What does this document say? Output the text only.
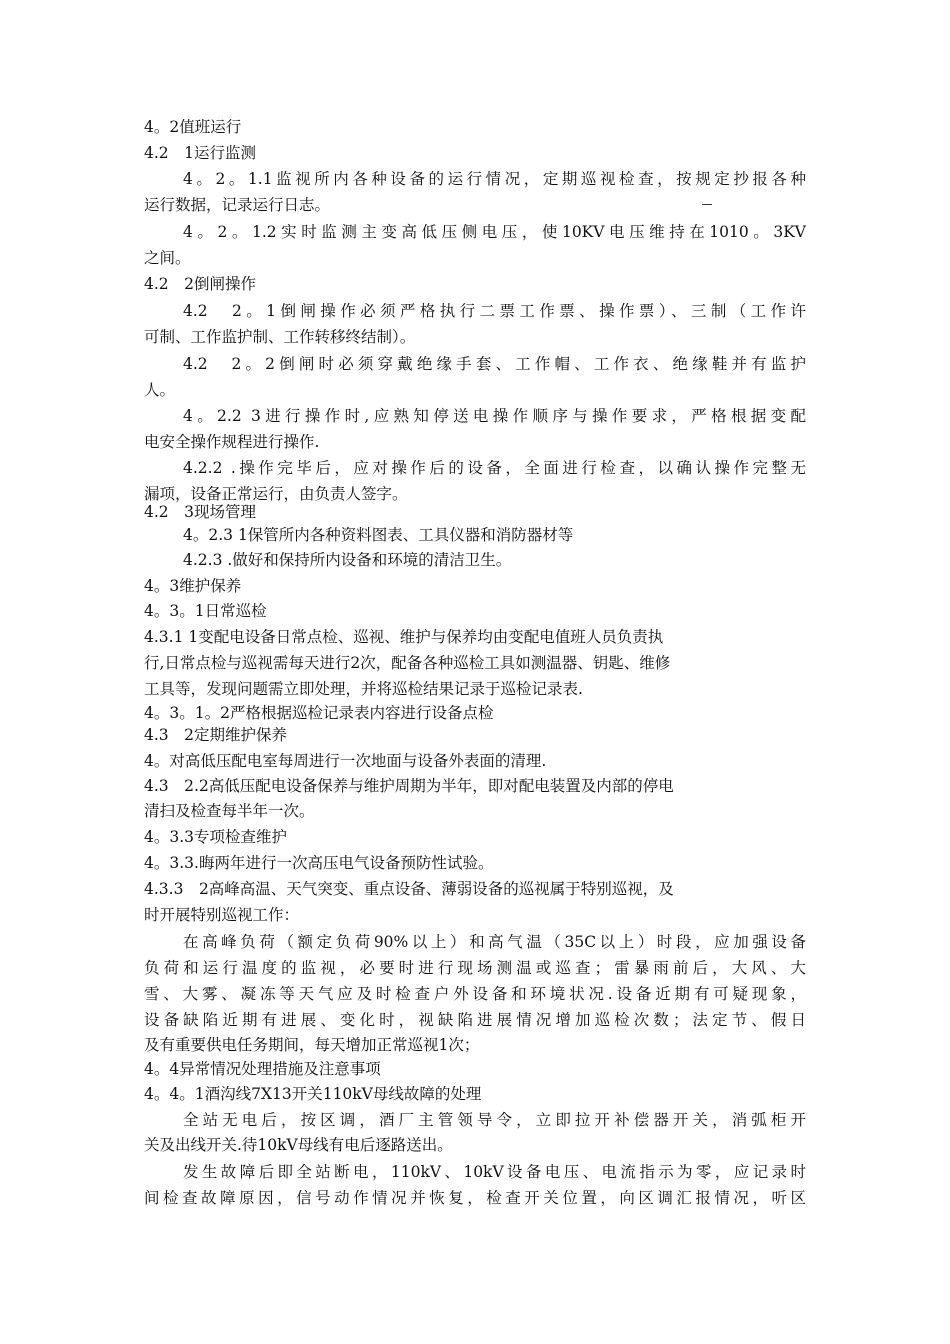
4。2值班运行
4.2　1运行监测
4。2。1.1监视所内各种设备的运行情况，定期巡视检查，按规定抄报各种
运行数据，记录运行日志。
4。2。1.2实时监测主变高低压侧电压，使10KV电压维持在1010。3KV
之间。
4.2　2倒闸操作
4.2　2。1倒闸操作必须严格执行二票工作票、操作票）、三制（工作许
可制、工作监护制、工作转移终结制）。
4.2　2。2倒闸时必须穿戴绝缘手套、工作帽、工作衣、绝缘鞋并有监护
人。
4。2.2 3进行操作时,应熟知停送电操作顺序与操作要求，严格根据变配
电安全操作规程进行操作.
4.2.2 .操作完毕后，应对操作后的设备，全面进行检查，以确认操作完整无
漏项，设备正常运行，由负责人签字。
4.2　3现场管理
4。2.3 1保管所内各种资料图表、工具仪器和消防器材等
4.2.3 .做好和保持所内设备和环境的清洁卫生。
4。3维护保养
4。3。1日常巡检
4.3.1 1变配电设备日常点检、巡视、维护与保养均由变配电值班人员负责执
行,日常点检与巡视需每天进行2次，配备各种巡检工具如测温器、钥匙、维修
工具等，发现问题需立即处理，并将巡检结果记录于巡检记录表.
4。3。1。2严格根据巡检记录表内容进行设备点检
4.3　2定期维护保养
4。对高低压配电室每周进行一次地面与设备外表面的清理.
4.3　2.2高低压配电设备保养与维护周期为半年，即对配电装置及内部的停电
清扫及检查每半年一次。
4。3.3专项检查维护
4。3.3.晦两年进行一次高压电气设备预防性试验。
4.3.3　2高峰高温、天气突变、重点设备、薄弱设备的巡视属于特别巡视，及
时开展特别巡视工作：
在高峰负荷（额定负荷90%以上）和高气温（35C以上）时段，应加强设备
负荷和运行温度的监视，必要时进行现场测温或巡查；雷暴雨前后，大风、大
雪、大雾、凝冻等天气应及时检查户外设备和环境状况.设备近期有可疑现象，
设备缺陷近期有进展、变化时，视缺陷进展情况增加巡检次数；法定节、假日
及有重要供电任务期间，每天增加正常巡视1次；
4。4异常情况处理措施及注意事项
4。4。1酒沟线7X13开关110kV母线故障的处理
全站无电后，按区调，酒厂主管领导令，立即拉开补偿器开关，消弧柜开
关及出线开关.待10kV母线有电后逐路送出。
发生故障后即全站断电，110kV、10kV设备电压、电流指示为零，应记录时
间检查故障原因，信号动作情况并恢复，检查开关位置，向区调汇报情况，听区
